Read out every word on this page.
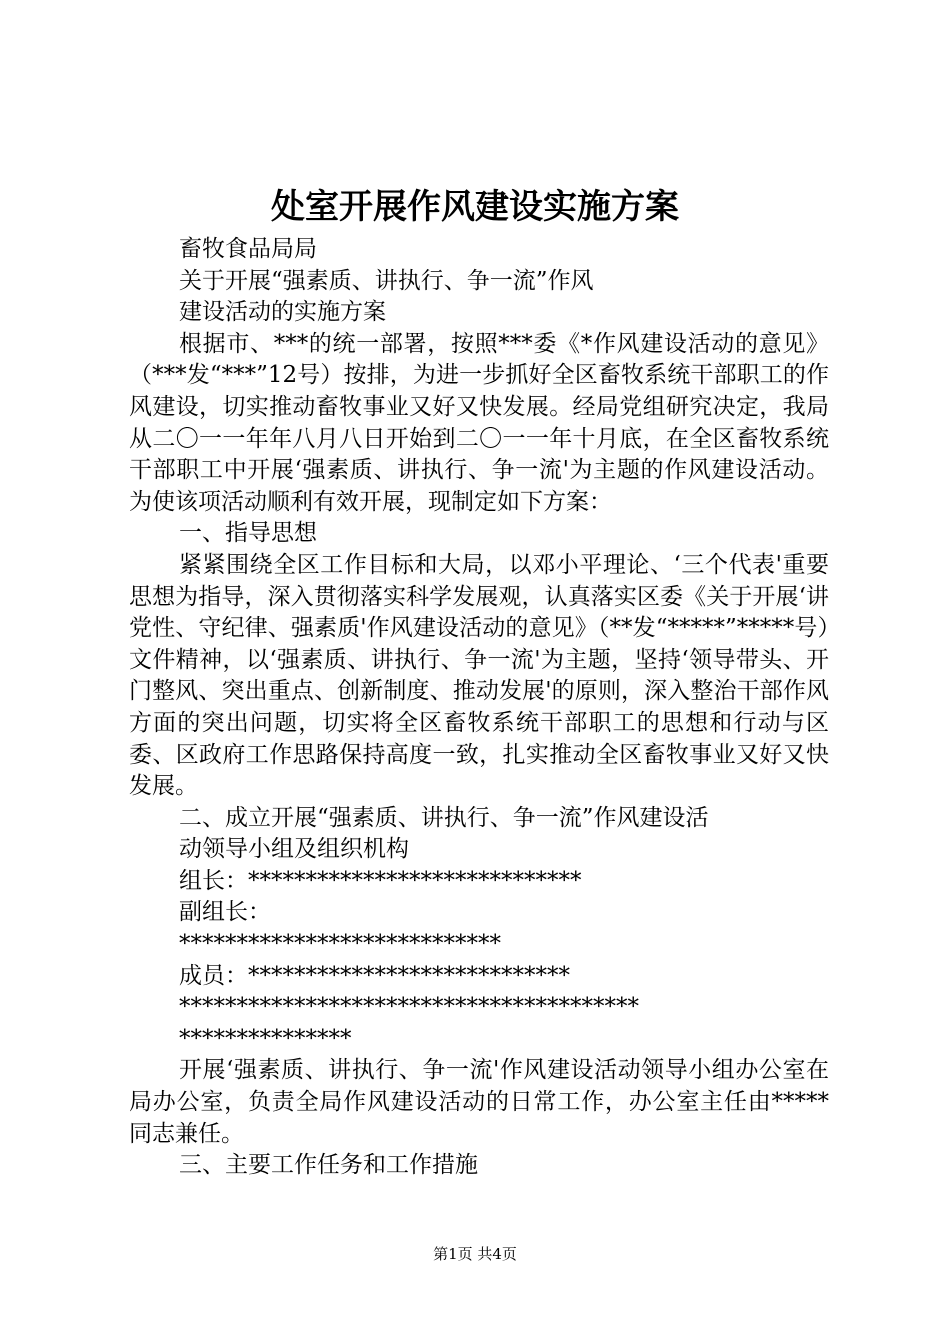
处室开展作风建设实施方案

畜牧食品局局

关于开展“强素质、讲执行、争一流”作风

建设活动的实施方案

根据市、***的统一部署，按照***委《*作风建设活动的意见》（***发“***”12号）按排，为进一步抓好全区畜牧系统干部职工的作风建设，切实推动畜牧事业又好又快发展。经局党组研究决定，我局从二〇一一年年八月八日开始到二〇一一年十月底，在全区畜牧系统干部职工中开展‘强素质、讲执行、争一流'为主题的作风建设活动。为使该项活动顺利有效开展，现制定如下方案：

一、指导思想

紧紧围绕全区工作目标和大局，以邓小平理论、‘三个代表'重要思想为指导，深入贯彻落实科学发展观，认真落实区委《关于开展‘讲党性、守纪律、强素质'作风建设活动的意见》（**发“*****”*****号）文件精神，以‘强素质、讲执行、争一流'为主题，坚持‘领导带头、开门整风、突出重点、创新制度、推动发展'的原则，深入整治干部作风方面的突出问题，切实将全区畜牧系统干部职工的思想和行动与区委、区政府工作思路保持高度一致，扎实推动全区畜牧事业又好又快发展。

二、成立开展“强素质、讲执行、争一流”作风建设活

动领导小组及组织机构

组长：*****************************

副组长：

****************************

成员：****************************

****************************************

***************

开展‘强素质、讲执行、争一流'作风建设活动领导小组办公室在局办公室，负责全局作风建设活动的日常工作，办公室主任由*****同志兼任。

三、主要工作任务和工作措施

第1页 共4页
